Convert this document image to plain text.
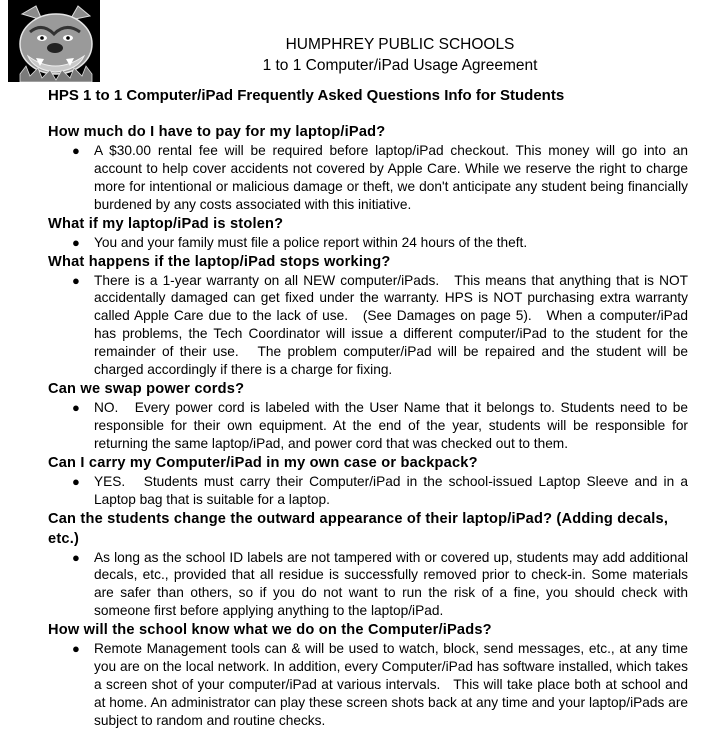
HUMPHREY PUBLIC SCHOOLS
1 to 1 Computer/iPad Usage Agreement
HPS 1 to 1 Computer/iPad Frequently Asked Questions Info for Students
How much do I have to pay for my laptop/iPad?
● A $30.00 rental fee will be required before laptop/iPad checkout. This money will go into an account to help cover accidents not covered by Apple Care. While we reserve the right to charge more for intentional or malicious damage or theft, we don't anticipate any student being financially burdened by any costs associated with this initiative.
What if my laptop/iPad is stolen?
● You and your family must file a police report within 24 hours of the theft.
What happens if the laptop/iPad stops working?
● There is a 1-year warranty on all NEW computer/iPads.   This means that anything that is NOT accidentally damaged can get fixed under the warranty. HPS is NOT purchasing extra warranty called Apple Care due to the lack of use.   (See Damages on page 5).   When a computer/iPad has problems, the Tech Coordinator will issue a different computer/iPad to the student for the remainder of their use.   The problem computer/iPad will be repaired and the student will be charged accordingly if there is a charge for fixing.
Can we swap power cords?
● NO.   Every power cord is labeled with the User Name that it belongs to. Students need to be responsible for their own equipment. At the end of the year, students will be responsible for returning the same laptop/iPad, and power cord that was checked out to them.
Can I carry my Computer/iPad in my own case or backpack?
● YES.   Students must carry their Computer/iPad in the school-issued Laptop Sleeve and in a Laptop bag that is suitable for a laptop.
Can the students change the outward appearance of their laptop/iPad? (Adding decals, etc.)
● As long as the school ID labels are not tampered with or covered up, students may add additional decals, etc., provided that all residue is successfully removed prior to check-in. Some materials are safer than others, so if you do not want to run the risk of a fine, you should check with someone first before applying anything to the laptop/iPad.
How will the school know what we do on the Computer/iPads?
● Remote Management tools can & will be used to watch, block, send messages, etc., at any time you are on the local network. In addition, every Computer/iPad has software installed, which takes a screen shot of your computer/iPad at various intervals.   This will take place both at school and at home. An administrator can play these screen shots back at any time and your laptop/iPads are subject to random and routine checks.
